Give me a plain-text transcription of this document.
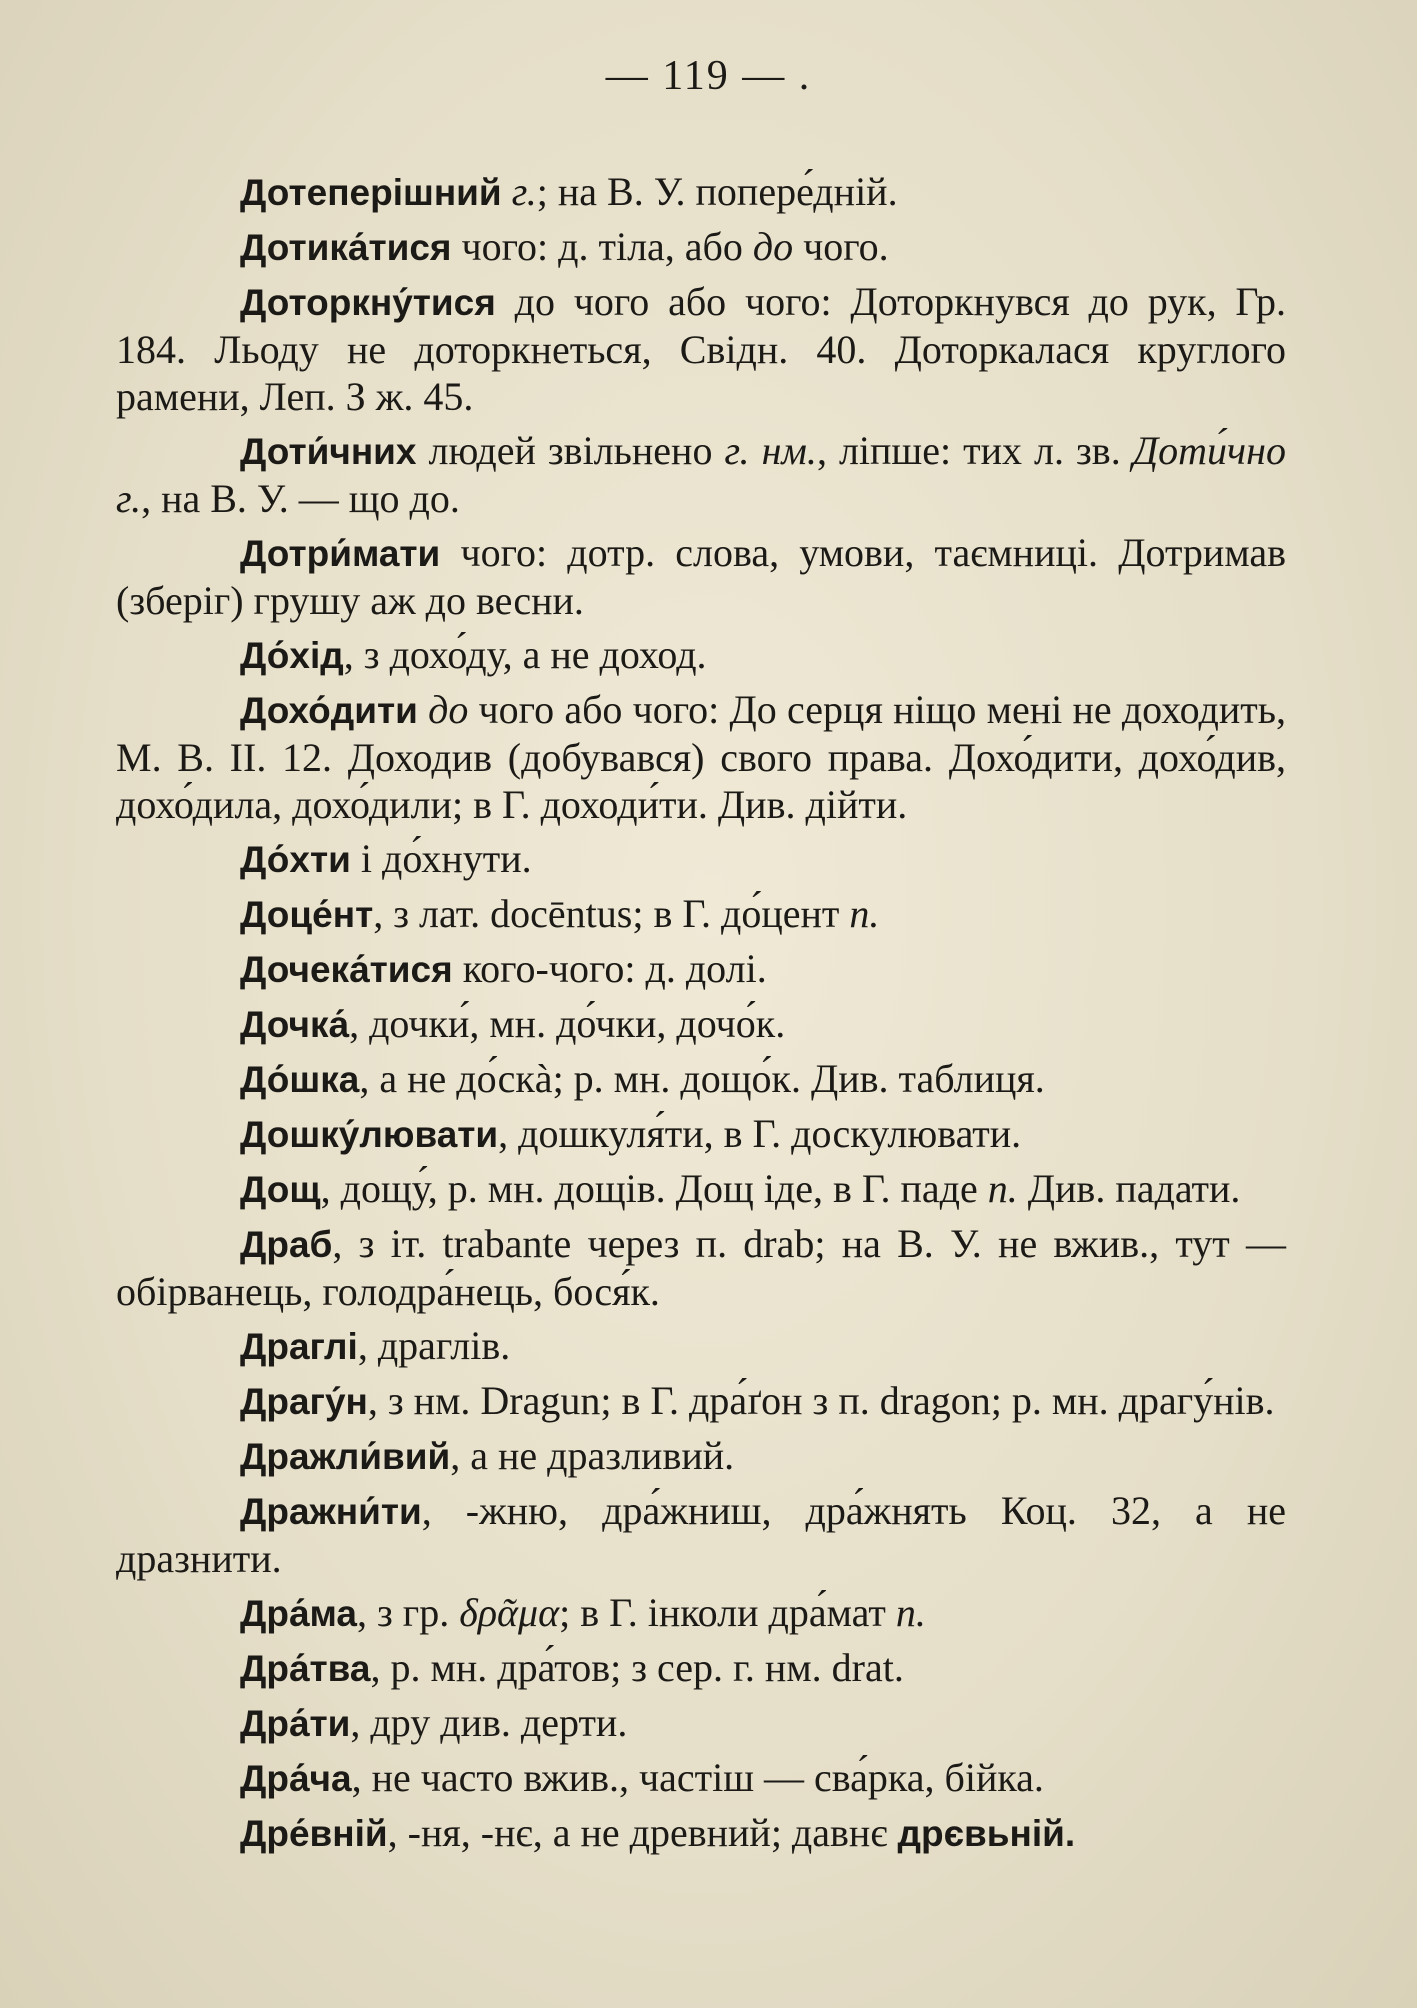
— 119 — .

Дотеперішний г.; на В. У. попере́дній.

Дотика́тися чого: д. тіла, або до чого.

Доторкну́тися до чого або чого: Доторкнувся до рук, Гр. 184. Льоду не доторкнеться, Свідн. 40. Доторкалася круглого рамени, Леп. З ж. 45.

Доти́чних людей звільнено г. нм., ліпше: тих л. зв. Доти́чно г., на В. У. — що до.

Дотри́мати чого: дотр. слова, умови, таємниці. Дотримав (зберіг) грушу аж до весни.

До́хід, з дохо́ду, а не доход.

Дохо́дити до чого або чого: До серця ніщо мені не доходить, М. В. II. 12. Доходив (добувався) свого права. Дохо́дити, дохо́див, дохо́дила, дохо́дили; в Г. доходи́ти. Див. дійти.

До́хти і до́хнути.

Доце́нт, з лат. docēntus; в Г. до́цент п.

Дочека́тися кого-чого: д. долі.

Дочка́, дочки́, мн. до́чки, дочо́к.

До́шка, а не до́скà; р. мн. дощо́к. Див. таблиця.

Дошку́лювати, дошкуля́ти, в Г. доскулювати.

Дощ, дощу́, р. мн. дощів. Дощ іде, в Г. паде п. Див. падати.

Драб, з іт. trabante через п. drab; на В. У. не вжив., тут — обірванець, голодра́нець, бося́к.

Драглі, драглів.

Драгу́н, з нм. Dragun; в Г. дра́ґон з п. dragon; р. мн. драгу́нів.

Дражли́вий, а не дразливий.

Дражни́ти, -жню, дра́жниш, дра́жнять Коц. 32, а не дразнити.

Дра́ма, з гр. δρᾶμα; в Г. інколи дра́мат п.

Дра́тва, р. мн. дра́тов; з сер. г. нм. drat.

Дра́ти, дру див. дерти.

Дра́ча, не часто вжив., частіш — сва́рка, бійка.

Дре́вній, -ня, -нє, а не древний; давнє дрєвьній.
